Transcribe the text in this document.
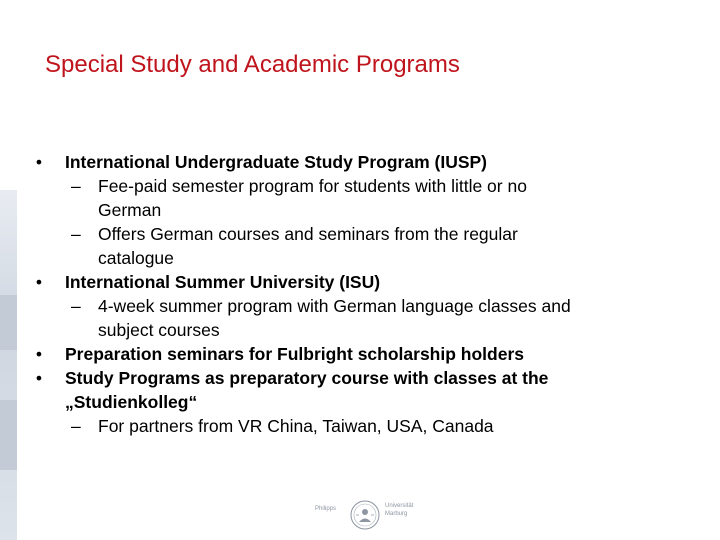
Special Study and Academic Programs
•	International Undergraduate Study Program (IUSP)
– Fee-paid semester program for students with little or no
German
– Offers German courses and seminars from the regular
catalogue
•	International Summer University (ISU)
– 4-week summer program with German language classes and
subject courses
•	Preparation seminars for Fulbright scholarship holders
•	Study Programs as preparatory course with classes at the
„Studienkolleg“
– For partners from VR China, Taiwan, USA, Canada
Philipps	Universität
Marburg
